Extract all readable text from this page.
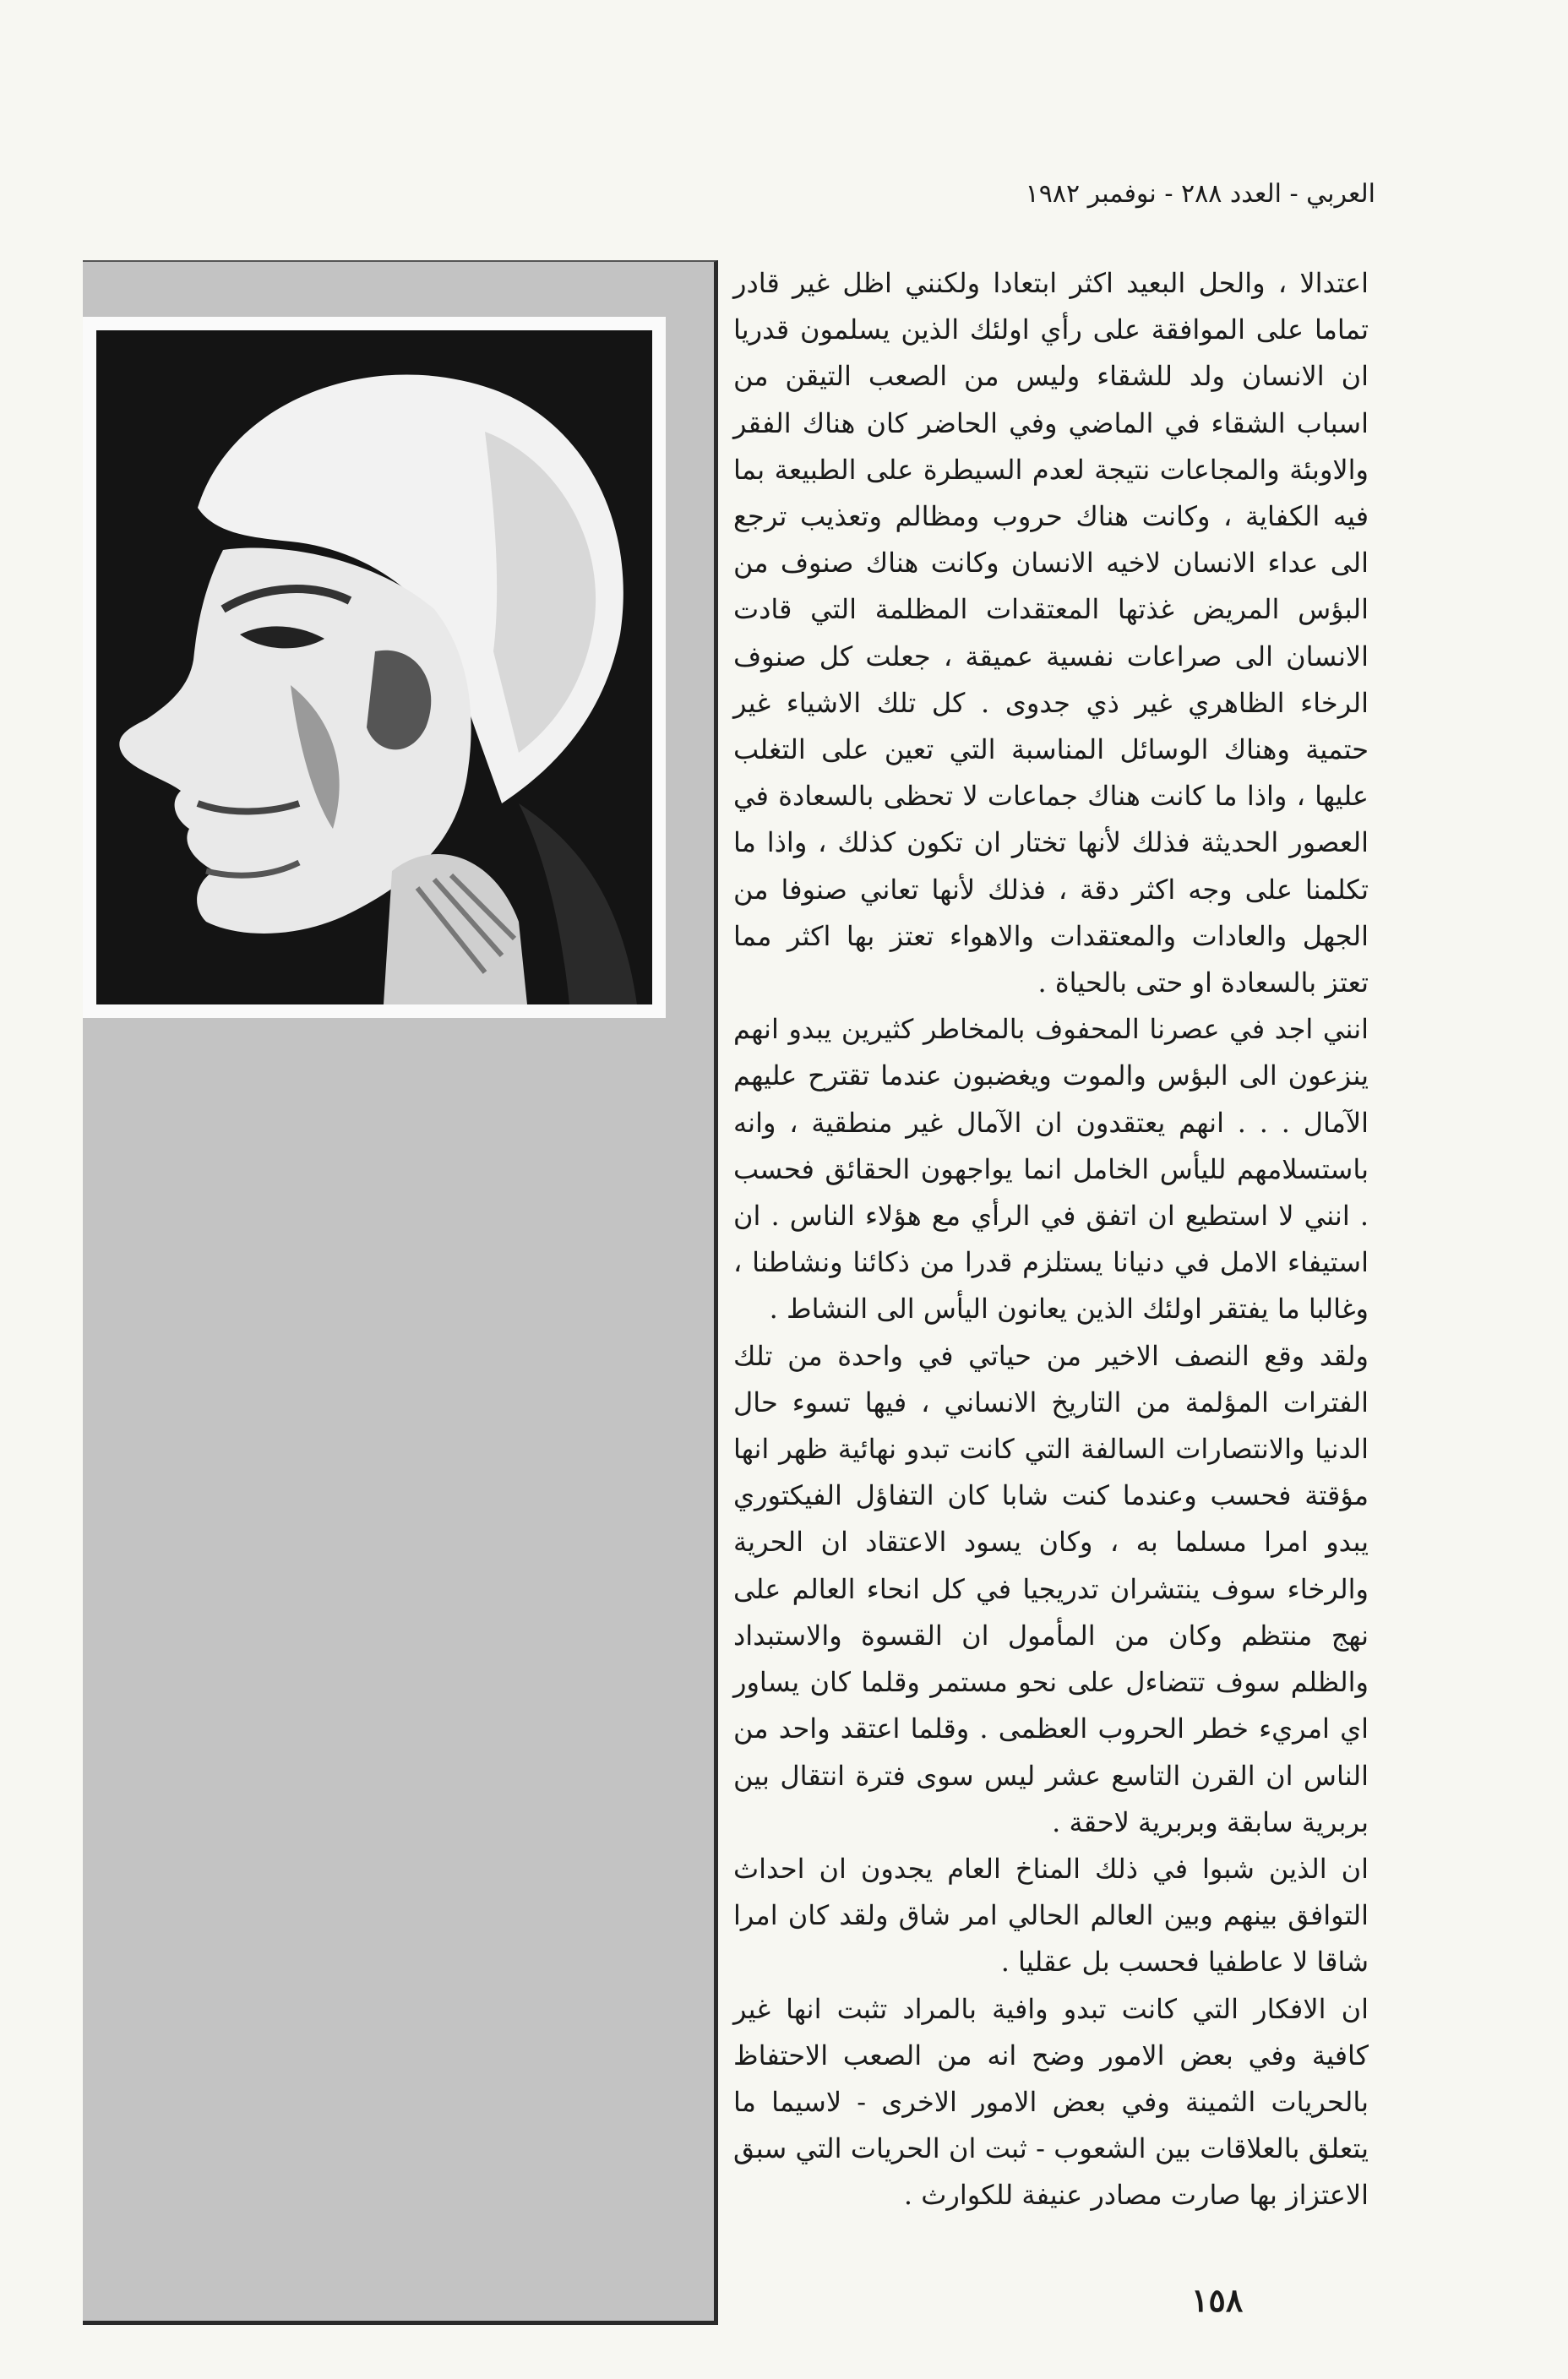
العربي - العدد ٢٨٨ - نوفمبر ١٩٨٢

اعتدالا ، والحل البعيد اكثر ابتعادا ولكنني اظل غير قادر تماما على الموافقة على رأي اولئك الذين يسلمون قدريا ان الانسان ولد للشقاء وليس من الصعب التيقن من اسباب الشقاء في الماضي وفي الحاضر كان هناك الفقر والاوبئة والمجاعات نتيجة لعدم السيطرة على الطبيعة بما فيه الكفاية ، وكانت هناك حروب ومظالم وتعذيب ترجع الى عداء الانسان لاخيه الانسان وكانت هناك صنوف من البؤس المريض غذتها المعتقدات المظلمة التي قادت الانسان الى صراعات نفسية عميقة ، جعلت كل صنوف الرخاء الظاهري غير ذي جدوى . كل تلك الاشياء غير حتمية وهناك الوسائل المناسبة التي تعين على التغلب عليها ، واذا ما كانت هناك جماعات لا تحظى بالسعادة في العصور الحديثة فذلك لأنها تختار ان تكون كذلك ، واذا ما تكلمنا على وجه اكثر دقة ، فذلك لأنها تعاني صنوفا من الجهل والعادات والمعتقدات والاهواء تعتز بها اكثر مما تعتز بالسعادة او حتى بالحياة .

انني اجد في عصرنا المحفوف بالمخاطر كثيرين يبدو انهم ينزعون الى البؤس والموت ويغضبون عندما تقترح عليهم الآمال . . . انهم يعتقدون ان الآمال غير منطقية ، وانه باستسلامهم لليأس الخامل انما يواجهون الحقائق فحسب . انني لا استطيع ان اتفق في الرأي مع هؤلاء الناس . ان استيفاء الامل في دنيانا يستلزم قدرا من ذكائنا ونشاطنا ، وغالبا ما يفتقر اولئك الذين يعانون اليأس الى النشاط .

ولقد وقع النصف الاخير من حياتي في واحدة من تلك الفترات المؤلمة من التاريخ الانساني ، فيها تسوء حال الدنيا والانتصارات السالفة التي كانت تبدو نهائية ظهر انها مؤقتة فحسب وعندما كنت شابا كان التفاؤل الفيكتوري يبدو امرا مسلما به ، وكان يسود الاعتقاد ان الحرية والرخاء سوف ينتشران تدريجيا في كل انحاء العالم على نهج منتظم وكان من المأمول ان القسوة والاستبداد والظلم سوف تتضاءل على نحو مستمر وقلما كان يساور اي امريء خطر الحروب العظمى . وقلما اعتقد واحد من الناس ان القرن التاسع عشر ليس سوى فترة انتقال بين بربرية سابقة وبربرية لاحقة .

ان الذين شبوا في ذلك المناخ العام يجدون ان احداث التوافق بينهم وبين العالم الحالي امر شاق ولقد كان امرا شاقا لا عاطفيا فحسب بل عقليا .

ان الافكار التي كانت تبدو وافية بالمراد تثبت انها غير كافية وفي بعض الامور وضح انه من الصعب الاحتفاظ بالحريات الثمينة وفي بعض الامور الاخرى - لاسيما ما يتعلق بالعلاقات بين الشعوب - ثبت ان الحريات التي سبق الاعتزاز بها صارت مصادر عنيفة للكوارث .

١٥٨
